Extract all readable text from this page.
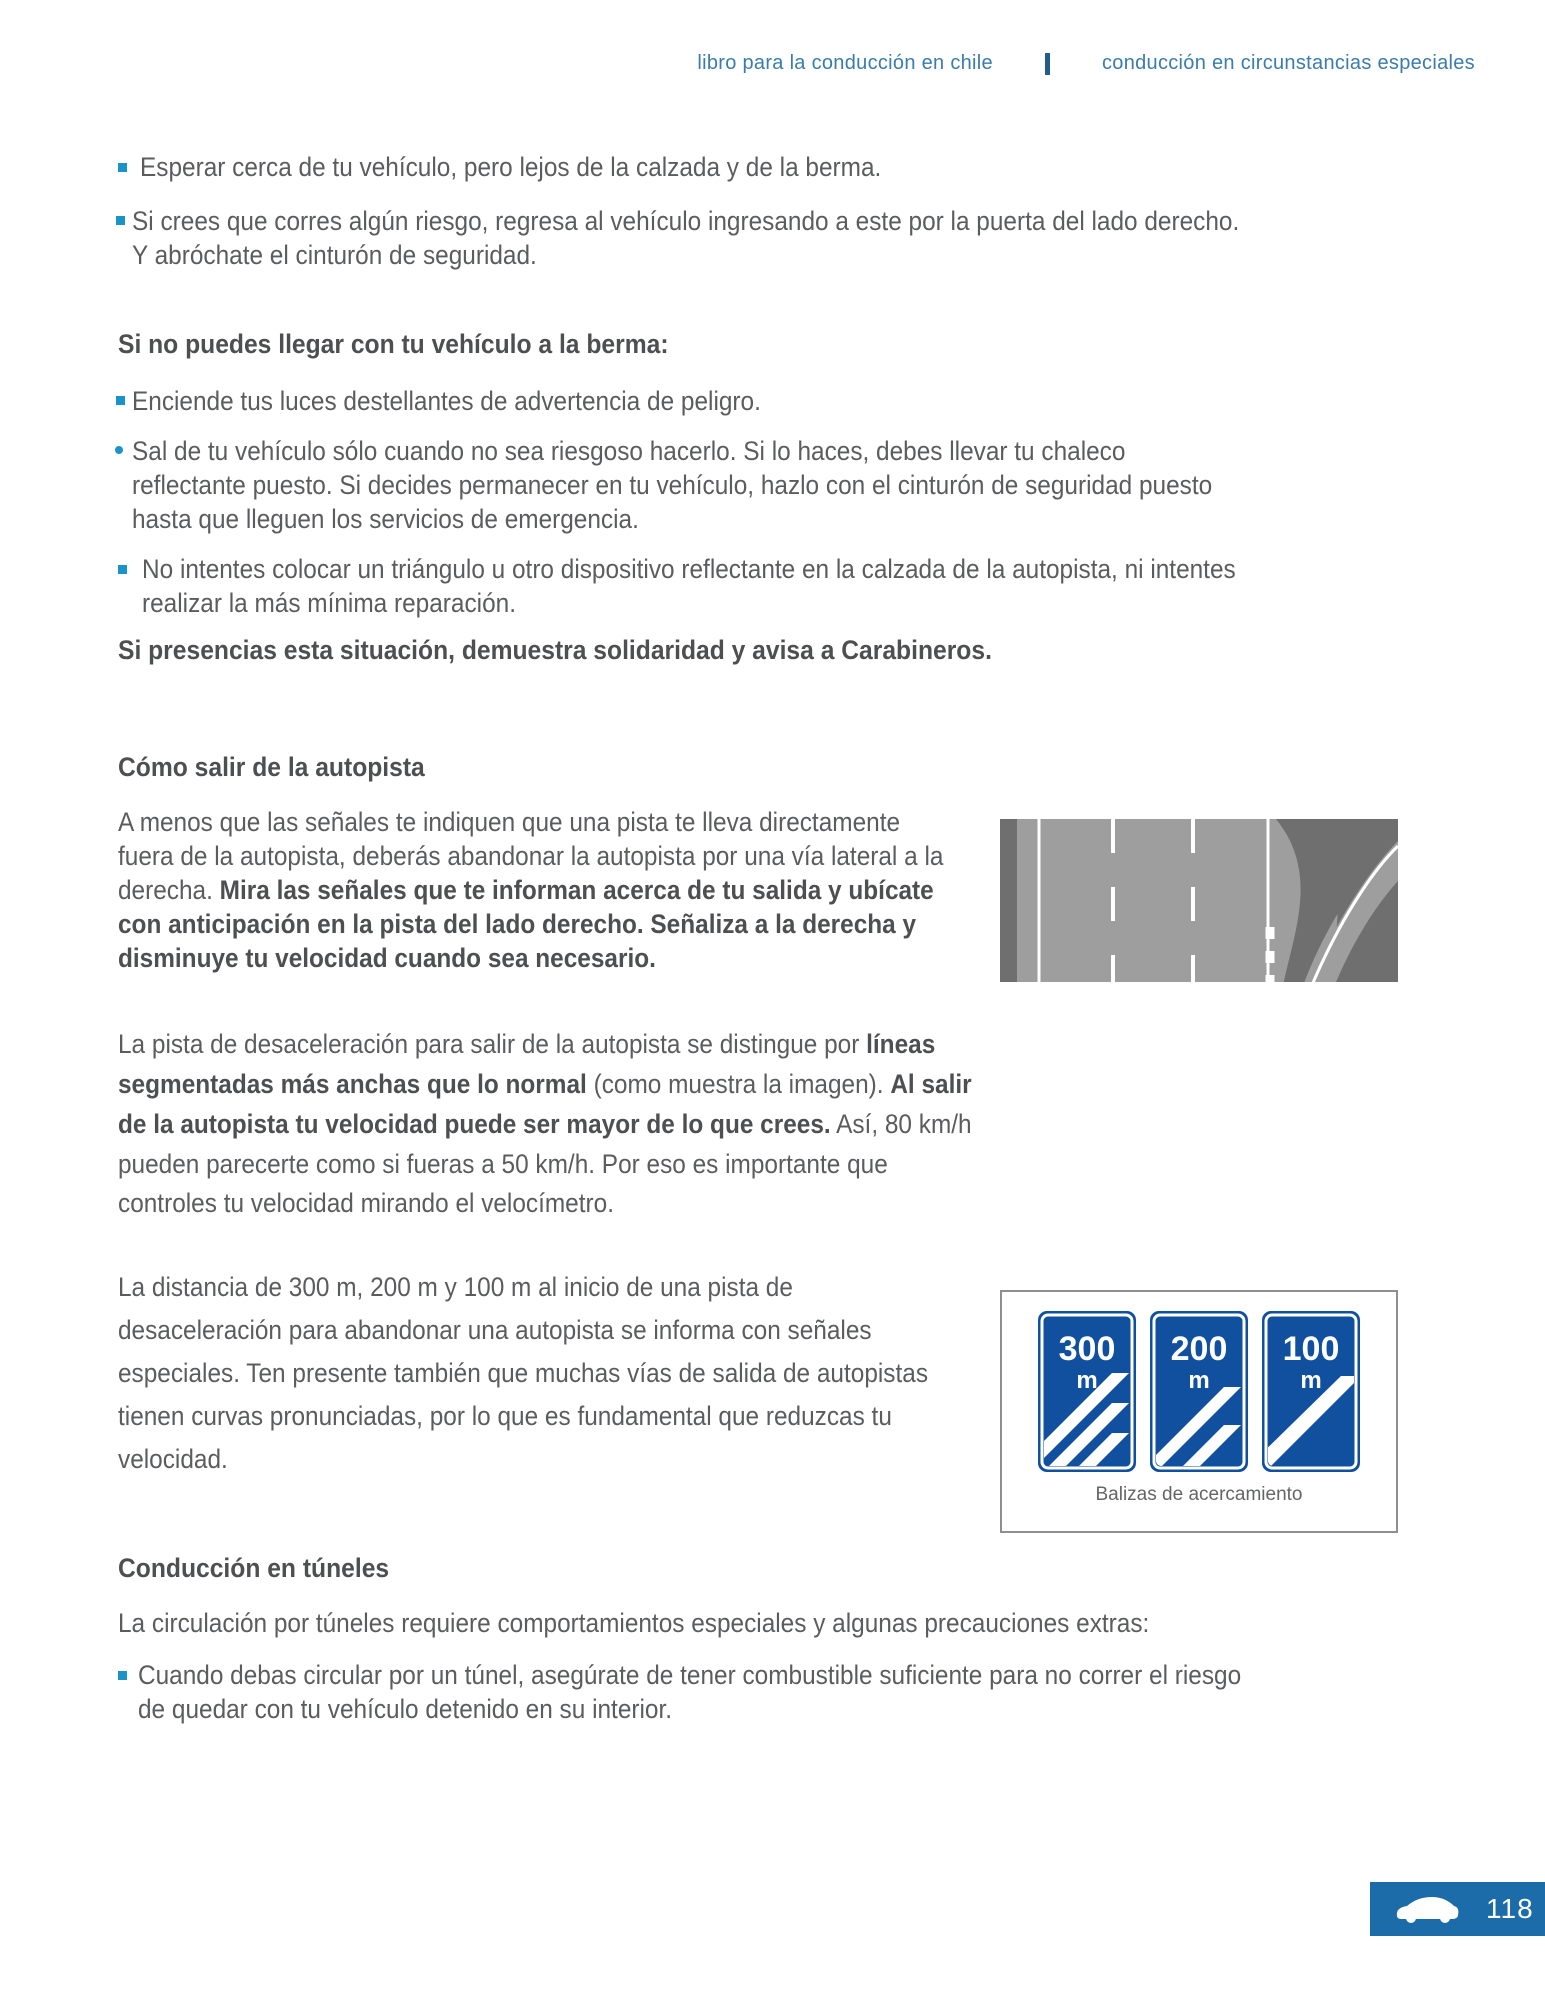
libro para la conducción en chile	conducción en circunstancias especiales

Esperar cerca de tu vehículo, pero lejos de la calzada y de la berma.

Si crees que corres algún riesgo, regresa al vehículo ingresando a este por la puerta del lado derecho. Y abróchate el cinturón de seguridad.

Si no puedes llegar con tu vehículo a la berma:

Enciende tus luces destellantes de advertencia de peligro.

Sal de tu vehículo sólo cuando no sea riesgoso hacerlo. Si lo haces, debes llevar tu chaleco reflectante puesto. Si decides permanecer en tu vehículo, hazlo con el cinturón de seguridad puesto hasta que lleguen los servicios de emergencia.

No intentes colocar un triángulo u otro dispositivo reflectante en la calzada de la autopista, ni intentes realizar la más mínima reparación.

Si presencias esta situación, demuestra solidaridad y avisa a Carabineros.

Cómo salir de la autopista

A menos que las señales te indiquen que una pista te lleva directamente fuera de la autopista, deberás abandonar la autopista por una vía lateral a la derecha. Mira las señales que te informan acerca de tu salida y ubícate con anticipación en la pista del lado derecho. Señaliza a la derecha y disminuye tu velocidad cuando sea necesario.

La pista de desaceleración para salir de la autopista se distingue por líneas segmentadas más anchas que lo normal (como muestra la imagen). Al salir de la autopista tu velocidad puede ser mayor de lo que crees. Así, 80 km/h pueden parecerte como si fueras a 50 km/h. Por eso es importante que controles tu velocidad mirando el velocímetro.

La distancia de 300 m, 200 m y 100 m al inicio de una pista de desaceleración para abandonar una autopista se informa con señales especiales. Ten presente también que muchas vías de salida de autopistas tienen curvas pronunciadas, por lo que es fundamental que reduzcas tu velocidad.

Conducción en túneles

La circulación por túneles requiere comportamientos especiales y algunas precauciones extras:

Cuando debas circular por un túnel, asegúrate de tener combustible suficiente para no correr el riesgo de quedar con tu vehículo detenido en su interior.

300
m
200
m
100
m
Balizas de acercamiento
118
